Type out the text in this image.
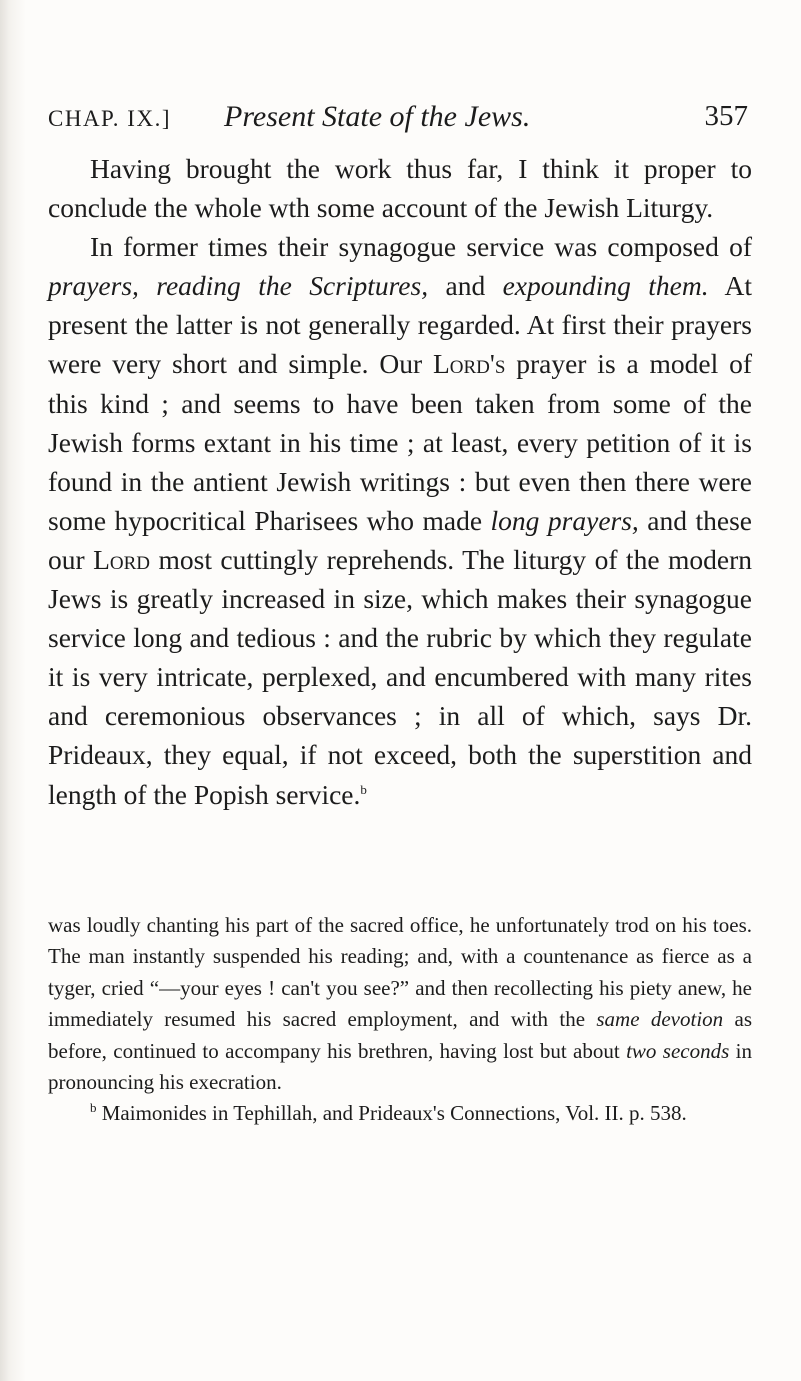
CHAP. IX.] Present State of the Jews.	357

Having brought the work thus far, I think it proper to conclude the whole wth some account of the Jewish Liturgy.

In former times their synagogue service was composed of prayers, reading the Scriptures, and expounding them. At present the latter is not generally regarded. At first their prayers were very short and simple. Our Lord's prayer is a model of this kind ; and seems to have been taken from some of the Jewish forms extant in his time ; at least, every petition of it is found in the antient Jewish writings : but even then there were some hypocritical Pharisees who made long prayers, and these our Lord most cuttingly reprehends. The liturgy of the modern Jews is greatly increased in size, which makes their synagogue service long and tedious : and the rubric by which they regulate it is very intricate, perplexed, and encumbered with many rites and ceremonious observances ; in all of which, says Dr. Prideaux, they equal, if not exceed, both the superstition and length of the Popish service.$^b$

was loudly chanting his part of the sacred office, he unfortunately trod on his toes. The man instantly suspended his reading; and, with a countenance as fierce as a tyger, cried “—your eyes ! can't you see?” and then recollecting his piety anew, he immediately resumed his sacred employment, and with the same devotion as before, continued to accompany his brethren, having lost but about two seconds in pronouncing his execration.

$^b$ Maimonides in Tephillah, and Prideaux's Connections, Vol. II. p. 538.
